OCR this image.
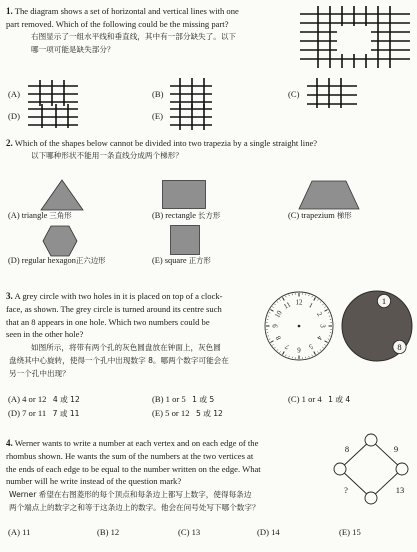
1. The diagram shows a set of horizontal and vertical lines with one
part removed. Which of the following could be the missing part?
右图显示了一组水平线和垂直线，其中有一部分缺失了。以下
哪一项可能是缺失部分？
(A)	(B)	(C)
(D)	(E)
2. Which of the shapes below cannot be divided into two trapezia by a single straight line?
以下哪种形状不能用一条直线分成两个梯形？
(A) triangle 三角形	(B) rectangle 长方形	(C) trapezium 梯形
(D) regular hexagon正六边形	(E) square 正方形
3. A grey circle with two holes in it is placed on top of a clock-
face, as shown. The grey circle is turned around its centre such
that an 8 appears in one hole. Which two numbers could be
seen in the other hole?
如图所示，将带有两个孔的灰色圆盘放在钟面上，灰色圆
盘绕其中心旋转，使得一个孔中出现数字 8。哪两个数字可能会在
另一个孔中出现？
12 1
2
3
4
5
6
7
8
9
10
11	1
8
(A) 4 or 12 4 或 12	(B) 1 or 5 1 或 5	(C) 1 or 4 1 或 4
(D) 7 or 11 7 或 11	(E) 5 or 12 5 或 12
4. Werner wants to write a number at each vertex and on each edge of the
rhombus shown. He wants the sum of the numbers at the two vertices at
the ends of each edge to be equal to the number written on the edge. What
number will he write instead of the question mark?
Werner 希望在右图菱形的每个顶点和每条边上都写上数字，使得每条边
两个端点上的数字之和等于这条边上的数字。他会在问号处写下哪个数字？
8	9
?	13
(A) 11	(B) 12	(C) 13	(D) 14	(E) 15
